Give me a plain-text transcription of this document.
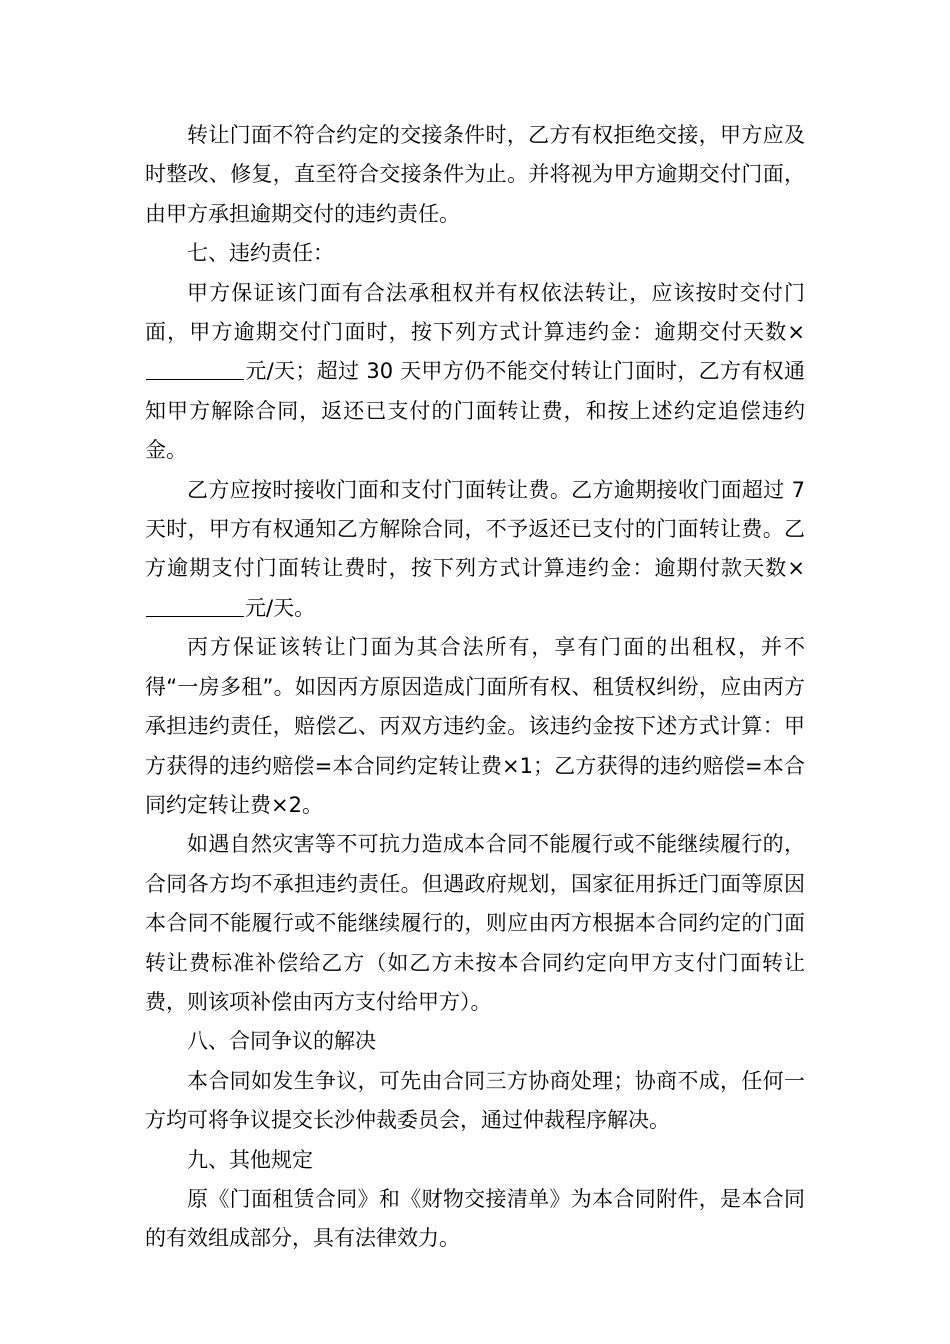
转让门面不符合约定的交接条件时，乙方有权拒绝交接，甲方应及时整改、修复，直至符合交接条件为止。并将视为甲方逾期交付门面，由甲方承担逾期交付的违约责任。

七、违约责任：

甲方保证该门面有合法承租权并有权依法转让，应该按时交付门面，甲方逾期交付门面时，按下列方式计算违约金：逾期交付天数×元/天；超过 30 天甲方仍不能交付转让门面时，乙方有权通知甲方解除合同，返还已支付的门面转让费，和按上述约定追偿违约金。

乙方应按时接收门面和支付门面转让费。乙方逾期接收门面超过 7 天时，甲方有权通知乙方解除合同，不予返还已支付的门面转让费。乙方逾期支付门面转让费时，按下列方式计算违约金：逾期付款天数×元/天。

丙方保证该转让门面为其合法所有，享有门面的出租权，并不得“一房多租”。如因丙方原因造成门面所有权、租赁权纠纷，应由丙方承担违约责任，赔偿乙、丙双方违约金。该违约金按下述方式计算：甲方获得的违约赔偿=本合同约定转让费×1；乙方获得的违约赔偿=本合同约定转让费×2。

如遇自然灾害等不可抗力造成本合同不能履行或不能继续履行的，合同各方均不承担违约责任。但遇政府规划，国家征用拆迁门面等原因本合同不能履行或不能继续履行的，则应由丙方根据本合同约定的门面转让费标准补偿给乙方（如乙方未按本合同约定向甲方支付门面转让费，则该项补偿由丙方支付给甲方）。

八、合同争议的解决

本合同如发生争议，可先由合同三方协商处理；协商不成，任何一方均可将争议提交长沙仲裁委员会，通过仲裁程序解决。

九、其他规定

原《门面租赁合同》和《财物交接清单》为本合同附件，是本合同的有效组成部分，具有法律效力。
